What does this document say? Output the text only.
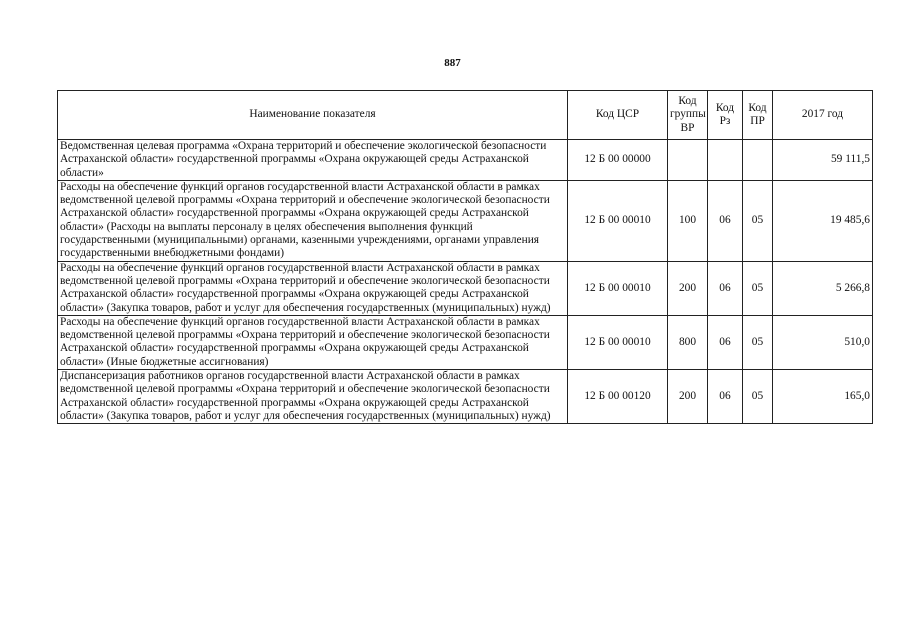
887
Наименование показателя	Код ЦСР	Код группы ВР	Код Рз	Код ПР	2017 год
Ведомственная целевая программа «Охрана территорий и обеспечение экологической безопасности Астраханской области» государственной программы «Охрана окружающей среды Астраханской области»	12 Б 00 00000				59 111,5
Расходы на обеспечение функций органов государственной власти Астраханской области в рамках ведомственной целевой программы «Охрана территорий и обеспечение экологической безопасности Астраханской области» государственной программы «Охрана окружающей среды Астраханской области» (Расходы на выплаты персоналу в целях обеспечения выполнения функций государственными (муниципальными) органами, казенными учреждениями, органами управления государственными внебюджетными фондами)	12 Б 00 00010	100	06	05	19 485,6
Расходы на обеспечение функций органов государственной власти Астраханской области в рамках ведомственной целевой программы «Охрана территорий и обеспечение экологической безопасности Астраханской области» государственной программы «Охрана окружающей среды Астраханской области» (Закупка товаров, работ и услуг для обеспечения государственных (муниципальных) нужд)	12 Б 00 00010	200	06	05	5 266,8
Расходы на обеспечение функций органов государственной власти Астраханской области в рамках ведомственной целевой программы «Охрана территорий и обеспечение экологической безопасности Астраханской области» государственной программы «Охрана окружающей среды Астраханской области» (Иные бюджетные ассигнования)	12 Б 00 00010	800	06	05	510,0
Диспансеризация работников органов государственной власти Астраханской области в рамках ведомственной целевой программы «Охрана территорий и обеспечение экологической безопасности Астраханской области» государственной программы «Охрана окружающей среды Астраханской области» (Закупка товаров, работ и услуг для обеспечения государственных (муниципальных) нужд)	12 Б 00 00120	200	06	05	165,0
